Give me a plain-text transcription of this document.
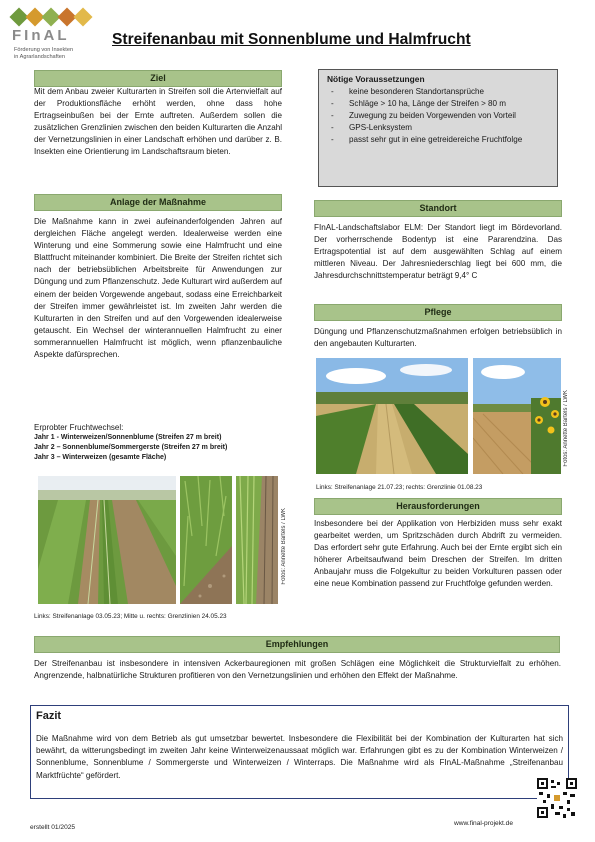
FInAL
Förderung von Insekten
in Agrarlandschaften
Streifenanbau mit Sonnenblume und Halmfrucht
Ziel
Mit dem Anbau zweier Kulturarten in Streifen soll die Artenvielfalt auf der Produktionsfläche erhöht werden, ohne dass hohe Ertragseinbußen bei der Ernte auftreten. Außerdem sollen die zusätzlichen Grenzlinien zwischen den beiden Kulturarten die Anzahl der Vernetzungslinien in einer Landschaft erhöhen und darüber z. B. Insekten eine Orientierung im Landschaftsraum bieten.
Nötige Voraussetzungen
- keine besonderen Standortansprüche
- Schläge > 10 ha, Länge der Streifen > 80 m
- Zuwegung zu beiden Vorgewenden von Vorteil
- GPS-Lenksystem
- passt sehr gut in eine getreidereiche Fruchtfolge
Anlage der Maßnahme
Die Maßnahme kann in zwei aufeinanderfolgenden Jahren auf dergleichen Fläche angelegt werden. Idealerweise werden eine Winterung und eine Sommerung sowie eine Halmfrucht und eine Blattfrucht miteinander kombiniert. Die Breite der Streifen richtet sich nach der betriebsüblichen Arbeitsbreite für Anwendungen zur Düngung und zum Pflanzenschutz. Jede Kulturart wird außerdem auf einem der beiden Vorgewende angebaut, sodass eine Erreichbarkeit der Streifen immer gewährleistet ist. Im zweiten Jahr werden die Kulturarten in den Streifen und auf den Vorgewenden idealerweise getauscht. Ein Wechsel der winterannuellen Halmfrucht zu einer sommerannuellen Halmfrucht ist möglich, wenn pflanzenbauliche Aspekte dafürsprechen.
Erprobter Fruchtwechsel:
Jahr 1 - Winterweizen/Sonnenblume (Streifen 27 m breit)
Jahr 2 – Sonnenblume/Sommergerste (Streifen 27 m breit)
Jahr 3 – Winterweizen (gesamte Fläche)
Fotos: Annette Bartels / LWK
Links: Streifenanlage 03.05.23; Mitte u. rechts: Grenzlinien 24.05.23
Standort
FInAL-Landschaftslabor ELM: Der Standort liegt im Bördevorland. Der vorherrschende Bodentyp ist eine Pararendzina. Das Ertragspotential ist auf dem ausgewählten Schlag auf einem mittleren Niveau. Der Jahresniederschlag liegt bei 600 mm, die Jahresdurchschnittstemperatur beträgt 9,4° C
Pflege
Düngung und Pflanzenschutzmaßnahmen erfolgen betriebsüblich in den angebauten Kulturarten.
Fotos: Annette Bartels / LWK
Links: Streifenanlage 21.07.23; rechts: Grenzlinie 01.08.23
Herausforderungen
Insbesondere bei der Applikation von Herbiziden muss sehr exakt gearbeitet werden, um Spritzschäden durch Abdrift zu vermeiden. Das erfordert sehr gute Erfahrung. Auch bei der Ernte ergibt sich ein höherer Arbeitsaufwand beim Dreschen der Streifen. Im dritten Anbaujahr muss die Folgekultur zu beiden Vorkulturen passen oder eine neue Kombination passend zur Fruchtfolge gefunden werden.
Empfehlungen
Der Streifenanbau ist insbesondere in intensiven Ackerbauregionen mit großen Schlägen eine Möglichkeit die Strukturvielfalt zu erhöhen. Angrenzende, halbnatürliche Strukturen profitieren von den Vernetzungslinien und erhöhen den Effekt der Maßnahme.
Fazit
Die Maßnahme wird von dem Betrieb als gut umsetzbar bewertet. Insbesondere die Flexibilität bei der Kombination der Kulturarten hat sich bewährt, da witterungsbedingt im zweiten Jahr keine Winterweizenaussaat möglich war. Erfahrungen gibt es zu der Kombination Winterweizen / Sonnenblume, Sonnenblume / Sommergerste und Winterweizen / Winterraps. Die Maßnahme wird als FInAL-Maßnahme „Streifenanbau Marktfrüchte“ gefördert.
erstellt 01/2025
www.final-projekt.de
